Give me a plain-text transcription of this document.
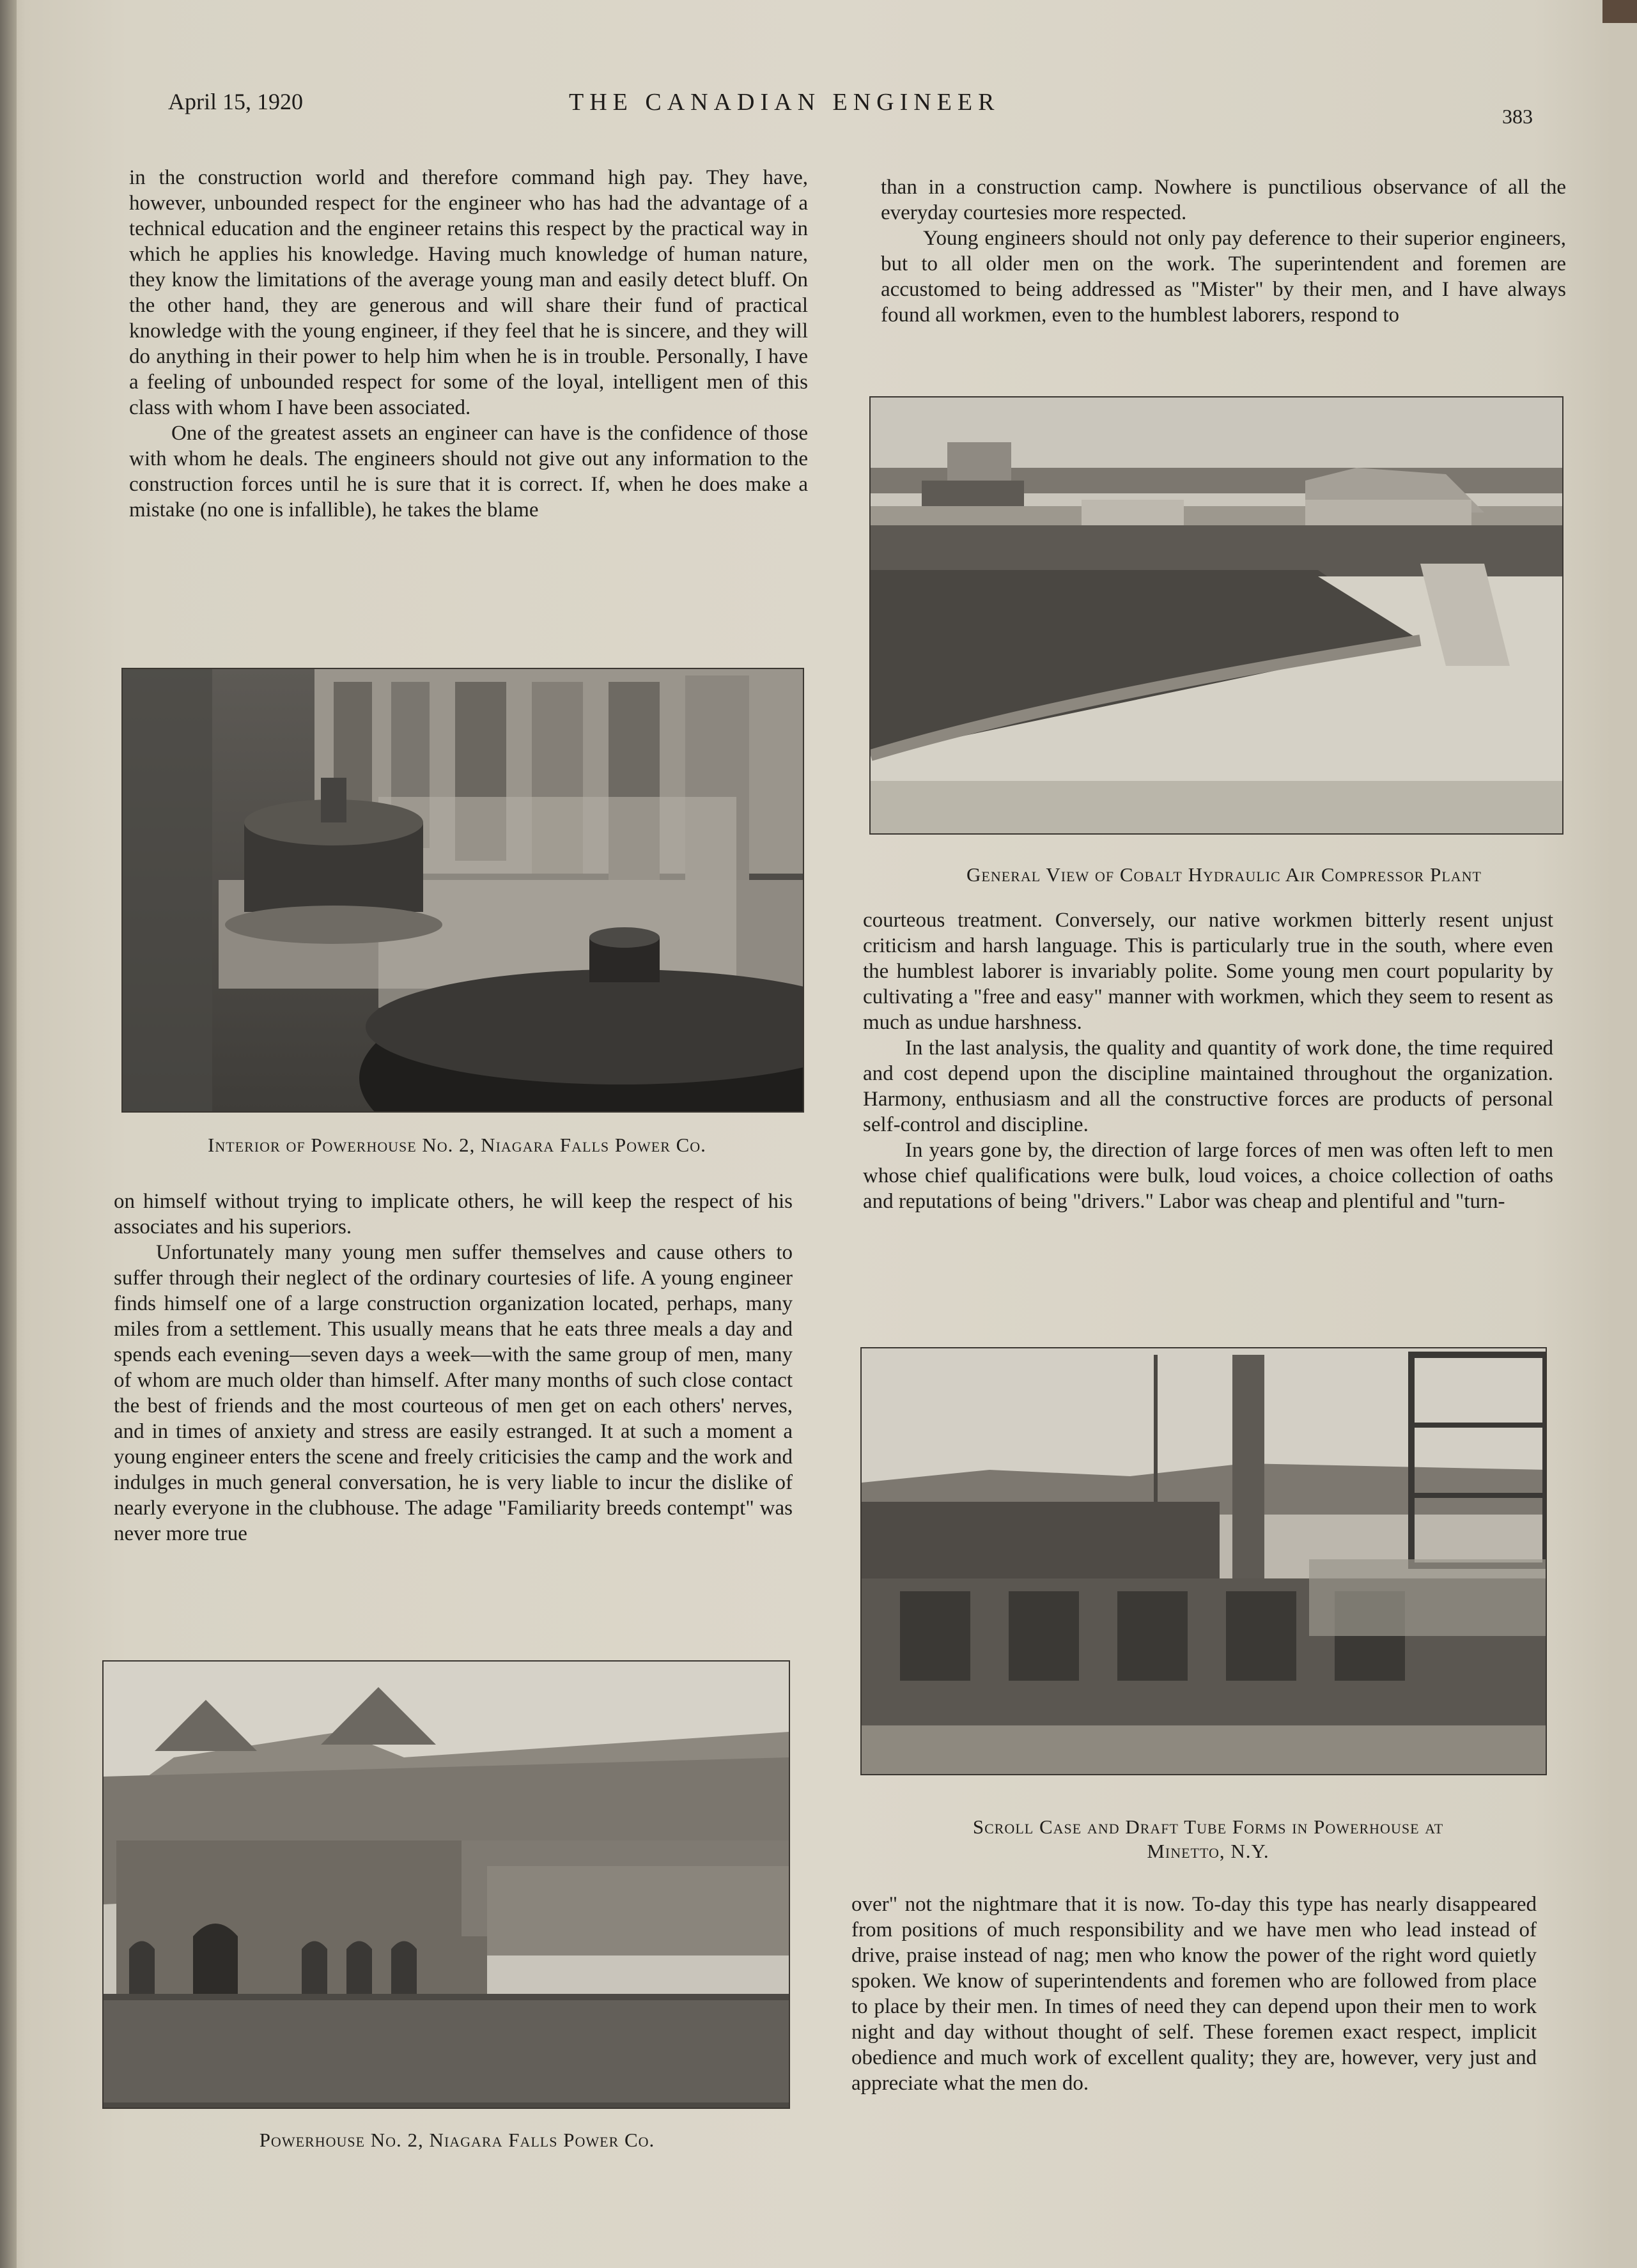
April 15, 1920	THE CANADIAN ENGINEER
383

in the construction world and therefore command high pay. They have, however, unbounded respect for the engineer who has had the advantage of a technical education and the engineer retains this respect by the practical way in which he applies his knowledge. Having much knowledge of human nature, they know the limitations of the average young man and easily detect bluff. On the other hand, they are generous and will share their fund of practical knowledge with the young engineer, if they feel that he is sincere, and they will do anything in their power to help him when he is in trouble. Personally, I have a feeling of unbounded respect for some of the loyal, intelligent men of this class with whom I have been associated.

One of the greatest assets an engineer can have is the confidence of those with whom he deals. The engineers should not give out any information to the construction forces until he is sure that it is correct. If, when he does make a mistake (no one is infallible), he takes the blame

Interior of Powerhouse No. 2, Niagara Falls Power Co.

on himself without trying to implicate others, he will keep the respect of his associates and his superiors.

Unfortunately many young men suffer themselves and cause others to suffer through their neglect of the ordinary courtesies of life. A young engineer finds himself one of a large construction organization located, perhaps, many miles from a settlement. This usually means that he eats three meals a day and spends each evening—seven days a week—with the same group of men, many of whom are much older than himself. After many months of such close contact the best of friends and the most courteous of men get on each others' nerves, and in times of anxiety and stress are easily estranged. It at such a moment a young engineer enters the scene and freely criticisies the camp and the work and indulges in much general conversation, he is very liable to incur the dislike of nearly everyone in the clubhouse. The adage "Familiarity breeds contempt" was never more true

Powerhouse No. 2, Niagara Falls Power Co.

than in a construction camp. Nowhere is punctilious observance of all the everyday courtesies more respected.

Young engineers should not only pay deference to their superior engineers, but to all older men on the work. The superintendent and foremen are accustomed to being addressed as "Mister" by their men, and I have always found all workmen, even to the humblest laborers, respond to

General View of Cobalt Hydraulic Air Compressor Plant

courteous treatment. Conversely, our native workmen bitterly resent unjust criticism and harsh language. This is particularly true in the south, where even the humblest laborer is invariably polite. Some young men court popularity by cultivating a "free and easy" manner with workmen, which they seem to resent as much as undue harshness.

In the last analysis, the quality and quantity of work done, the time required and cost depend upon the discipline maintained throughout the organization. Harmony, enthusiasm and all the constructive forces are products of personal self-control and discipline.

In years gone by, the direction of large forces of men was often left to men whose chief qualifications were bulk, loud voices, a choice collection of oaths and reputations of being "drivers." Labor was cheap and plentiful and "turn-

Scroll Case and Draft Tube Forms in Powerhouse at
Minetto, N.Y.

over" not the nightmare that it is now. To-day this type has nearly disappeared from positions of much responsibility and we have men who lead instead of drive, praise instead of nag; men who know the power of the right word quietly spoken. We know of superintendents and foremen who are followed from place to place by their men. In times of need they can depend upon their men to work night and day without thought of self. These foremen exact respect, implicit obedience and much work of excellent quality; they are, however, very just and appreciate what the men do.
